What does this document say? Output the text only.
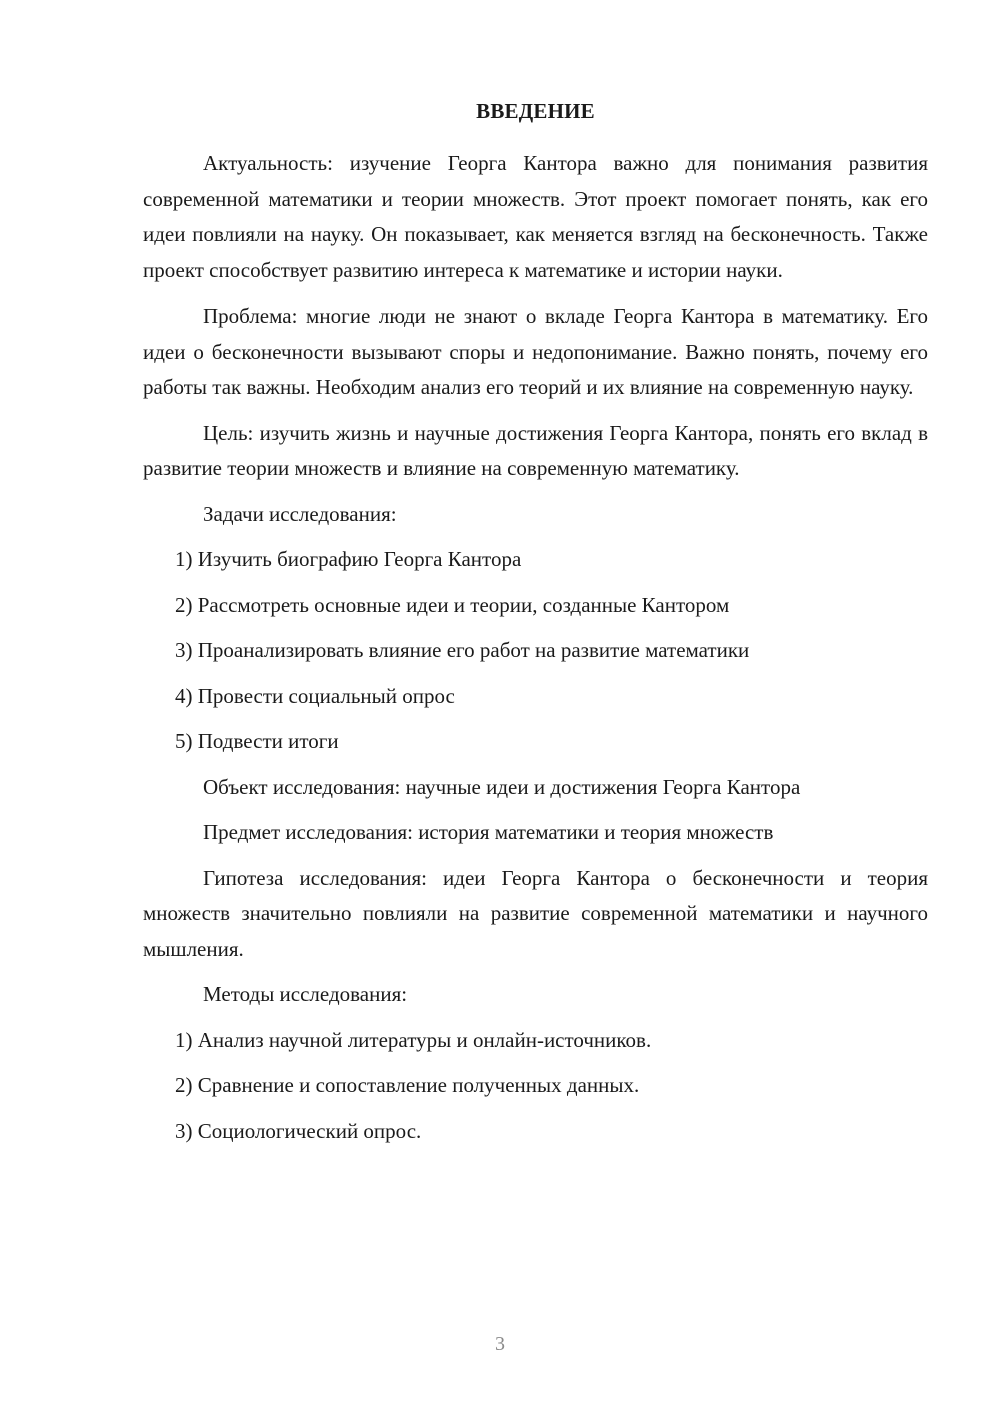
ВВЕДЕНИЕ

Актуальность: изучение Георга Кантора важно для понимания развития современной математики и теории множеств. Этот проект помогает понять, как его идеи повлияли на науку. Он показывает, как меняется взгляд на бесконечность. Также проект способствует развитию интереса к математике и истории науки.

Проблема: многие люди не знают о вкладе Георга Кантора в математику. Его идеи о бесконечности вызывают споры и недопонимание. Важно понять, почему его работы так важны. Необходим анализ его теорий и их влияние на современную науку.

Цель: изучить жизнь и научные достижения Георга Кантора, понять его вклад в развитие теории множеств и влияние на современную математику.

Задачи исследования:
1) Изучить биографию Георга Кантора
2) Рассмотреть основные идеи и теории, созданные Кантором
3) Проанализировать влияние его работ на развитие математики
4) Провести социальный опрос
5) Подвести итоги
Объект исследования: научные идеи и достижения Георга Кантора
Предмет исследования: история математики и теория множеств

Гипотеза исследования: идеи Георга Кантора о бесконечности и теория множеств значительно повлияли на развитие современной математики и научного мышления.

Методы исследования:
1) Анализ научной литературы и онлайн-источников.
2) Сравнение и сопоставление полученных данных.
3) Социологический опрос.
3
